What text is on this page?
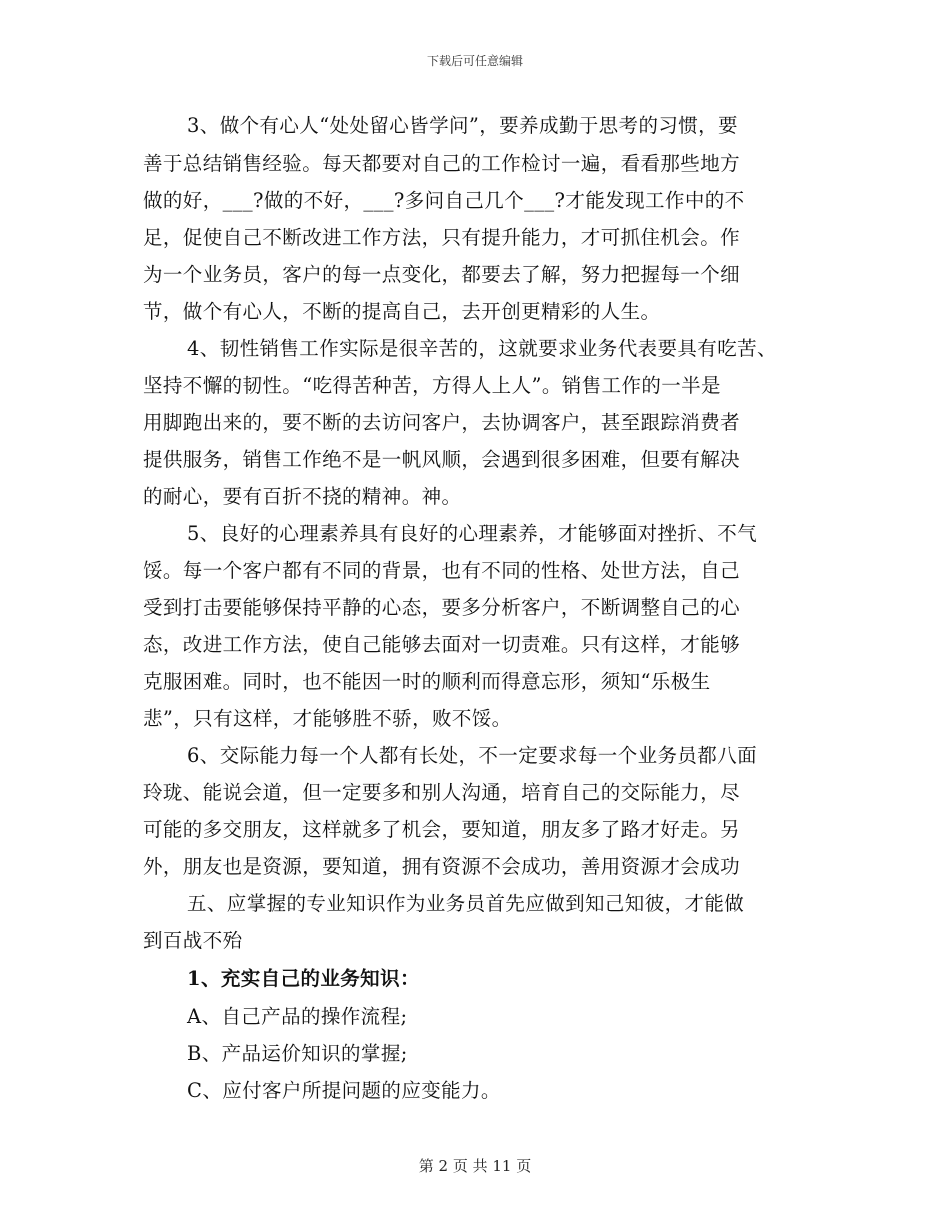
下载后可任意编辑
3、做个有心人“处处留心皆学问”，要养成勤于思考的习惯，要
善于总结销售经验。每天都要对自己的工作检讨一遍，看看那些地方
做的好，___?做的不好，___?多问自己几个___?才能发现工作中的不
足，促使自己不断改进工作方法，只有提升能力，才可抓住机会。作
为一个业务员，客户的每一点变化，都要去了解，努力把握每一个细
节，做个有心人，不断的提高自己，去开创更精彩的人生。
4、韧性销售工作实际是很辛苦的，这就要求业务代表要具有吃苦、
坚持不懈的韧性。“吃得苦种苦，方得人上人”。销售工作的一半是
用脚跑出来的，要不断的去访问客户，去协调客户，甚至跟踪消费者
提供服务，销售工作绝不是一帆风顺，会遇到很多困难，但要有解决
的耐心，要有百折不挠的精神。神。
5、良好的心理素养具有良好的心理素养，才能够面对挫折、不气
馁。每一个客户都有不同的背景，也有不同的性格、处世方法，自己
受到打击要能够保持平静的心态，要多分析客户，不断调整自己的心
态，改进工作方法，使自己能够去面对一切责难。只有这样，才能够
克服困难。同时，也不能因一时的顺利而得意忘形，须知“乐极生
悲”，只有这样，才能够胜不骄，败不馁。
6、交际能力每一个人都有长处，不一定要求每一个业务员都八面
玲珑、能说会道，但一定要多和别人沟通，培育自己的交际能力，尽
可能的多交朋友，这样就多了机会，要知道，朋友多了路才好走。另
外，朋友也是资源，要知道，拥有资源不会成功，善用资源才会成功
五、应掌握的专业知识作为业务员首先应做到知己知彼，才能做
到百战不殆
1、充实自己的业务知识：
A、自己产品的操作流程;
B、产品运价知识的掌握;
C、应付客户所提问题的应变能力。
第 2 页 共 11 页
